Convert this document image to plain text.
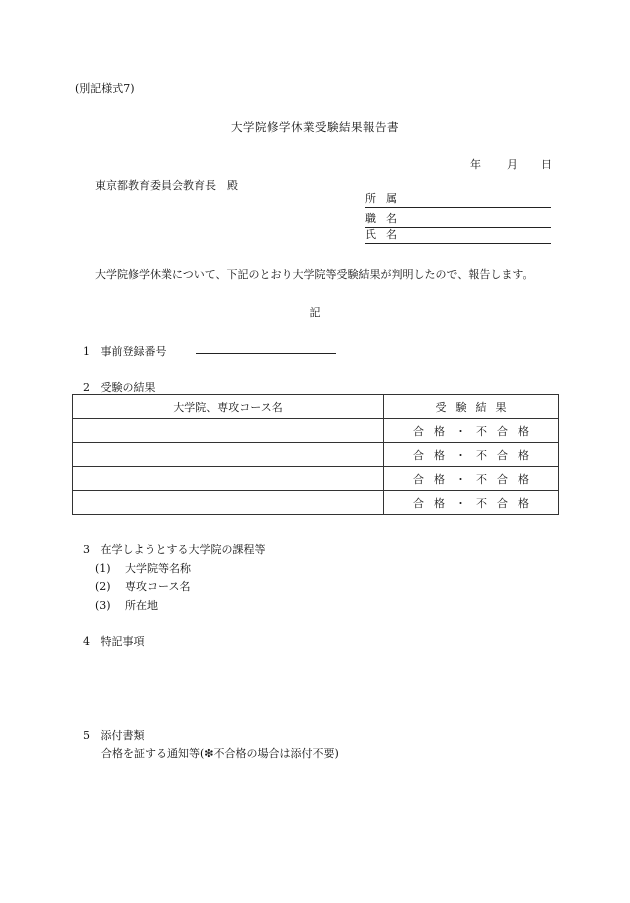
(別記様式7)
大学院修学休業受験結果報告書
年 月 日
東京都教育委員会教育長　殿
所属
職名
氏名
大学院修学休業について、下記のとおり大学院等受験結果が判明したので、報告します。
記
1 事前登録番号
2 受験の結果
大学院、専攻コース名	受験結果
	合格・不合格
	合格・不合格
	合格・不合格
	合格・不合格
3 在学しようとする大学院の課程等
(1) 大学院等名称
(2) 専攻コース名
(3) 所在地
4 特記事項
5 添付書類
合格を証する通知等(❇不合格の場合は添付不要)
